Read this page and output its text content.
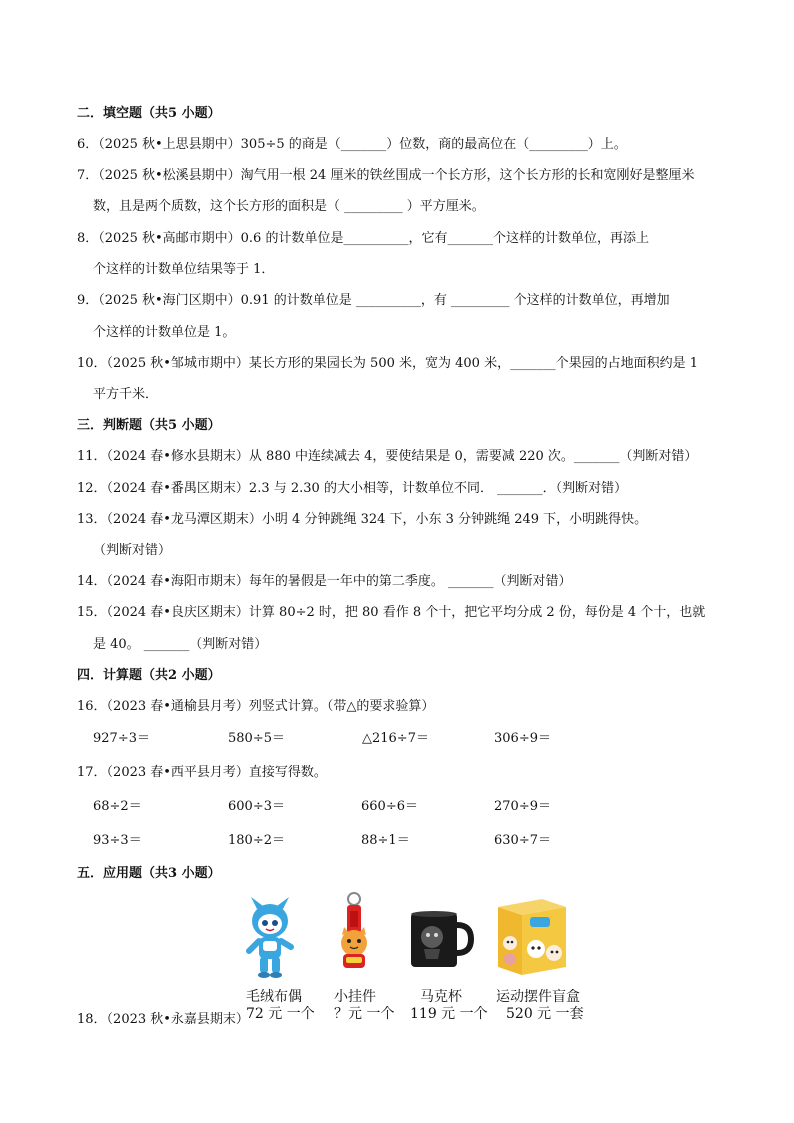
二．填空题（共5 小题）
6．（2025 秋•上思县期中）305÷5 的商是（_______）位数，商的最高位在（_________）上。
7．（2025 秋•松溪县期中）淘气用一根 24 厘米的铁丝围成一个长方形，这个长方形的长和宽刚好是整厘米
数，且是两个质数，这个长方形的面积是（ _________ ）平方厘米。
8．（2025 秋•高邮市期中）0.6 的计数单位是__________，它有_______个这样的计数单位，再添上
个这样的计数单位结果等于 1．
9．（2025 秋•海门区期中）0.91 的计数单位是 __________，有 _________ 个这样的计数单位，再增加
个这样的计数单位是 1。
10．（2025 秋•邹城市期中）某长方形的果园长为 500 米，宽为 400 米，_______个果园的占地面积约是 1
平方千米．
三．判断题（共5 小题）
11．（2024 春•修水县期末）从 880 中连续减去 4，要使结果是 0，需要减 220 次。_______（判断对错）
12．（2024 春•番禺区期末）2.3 与 2.30 的大小相等，计数单位不同． _______．（判断对错）
13．（2024 春•龙马潭区期末）小明 4 分钟跳绳 324 下，小东 3 分钟跳绳 249 下，小明跳得快。
（判断对错）
14．（2024 春•海阳市期末）每年的暑假是一年中的第二季度。 _______（判断对错）
15．（2024 春•良庆区期末）计算 80÷2 时，把 80 看作 8 个十，把它平均分成 2 份，每份是 4 个十，也就
是 40。 _______（判断对错）
四．计算题（共2 小题）
16．（2023 春•通榆县月考）列竖式计算。（带△的要求验算）
927÷3＝	580÷5＝	△216÷7＝	306÷9＝
17．（2023 春•西平县月考）直接写得数。
68÷2＝	600÷3＝	660÷6＝	270÷9＝
93÷3＝	180÷2＝	88÷1＝	630÷7＝
五．应用题（共3 小题）
毛绒布偶 小挂件	马克杯 运动摆件盲盒
18．（2023 秋•永嘉县期末）
72 元 一个 ？元 一个 119 元 一个 520 元 一套
